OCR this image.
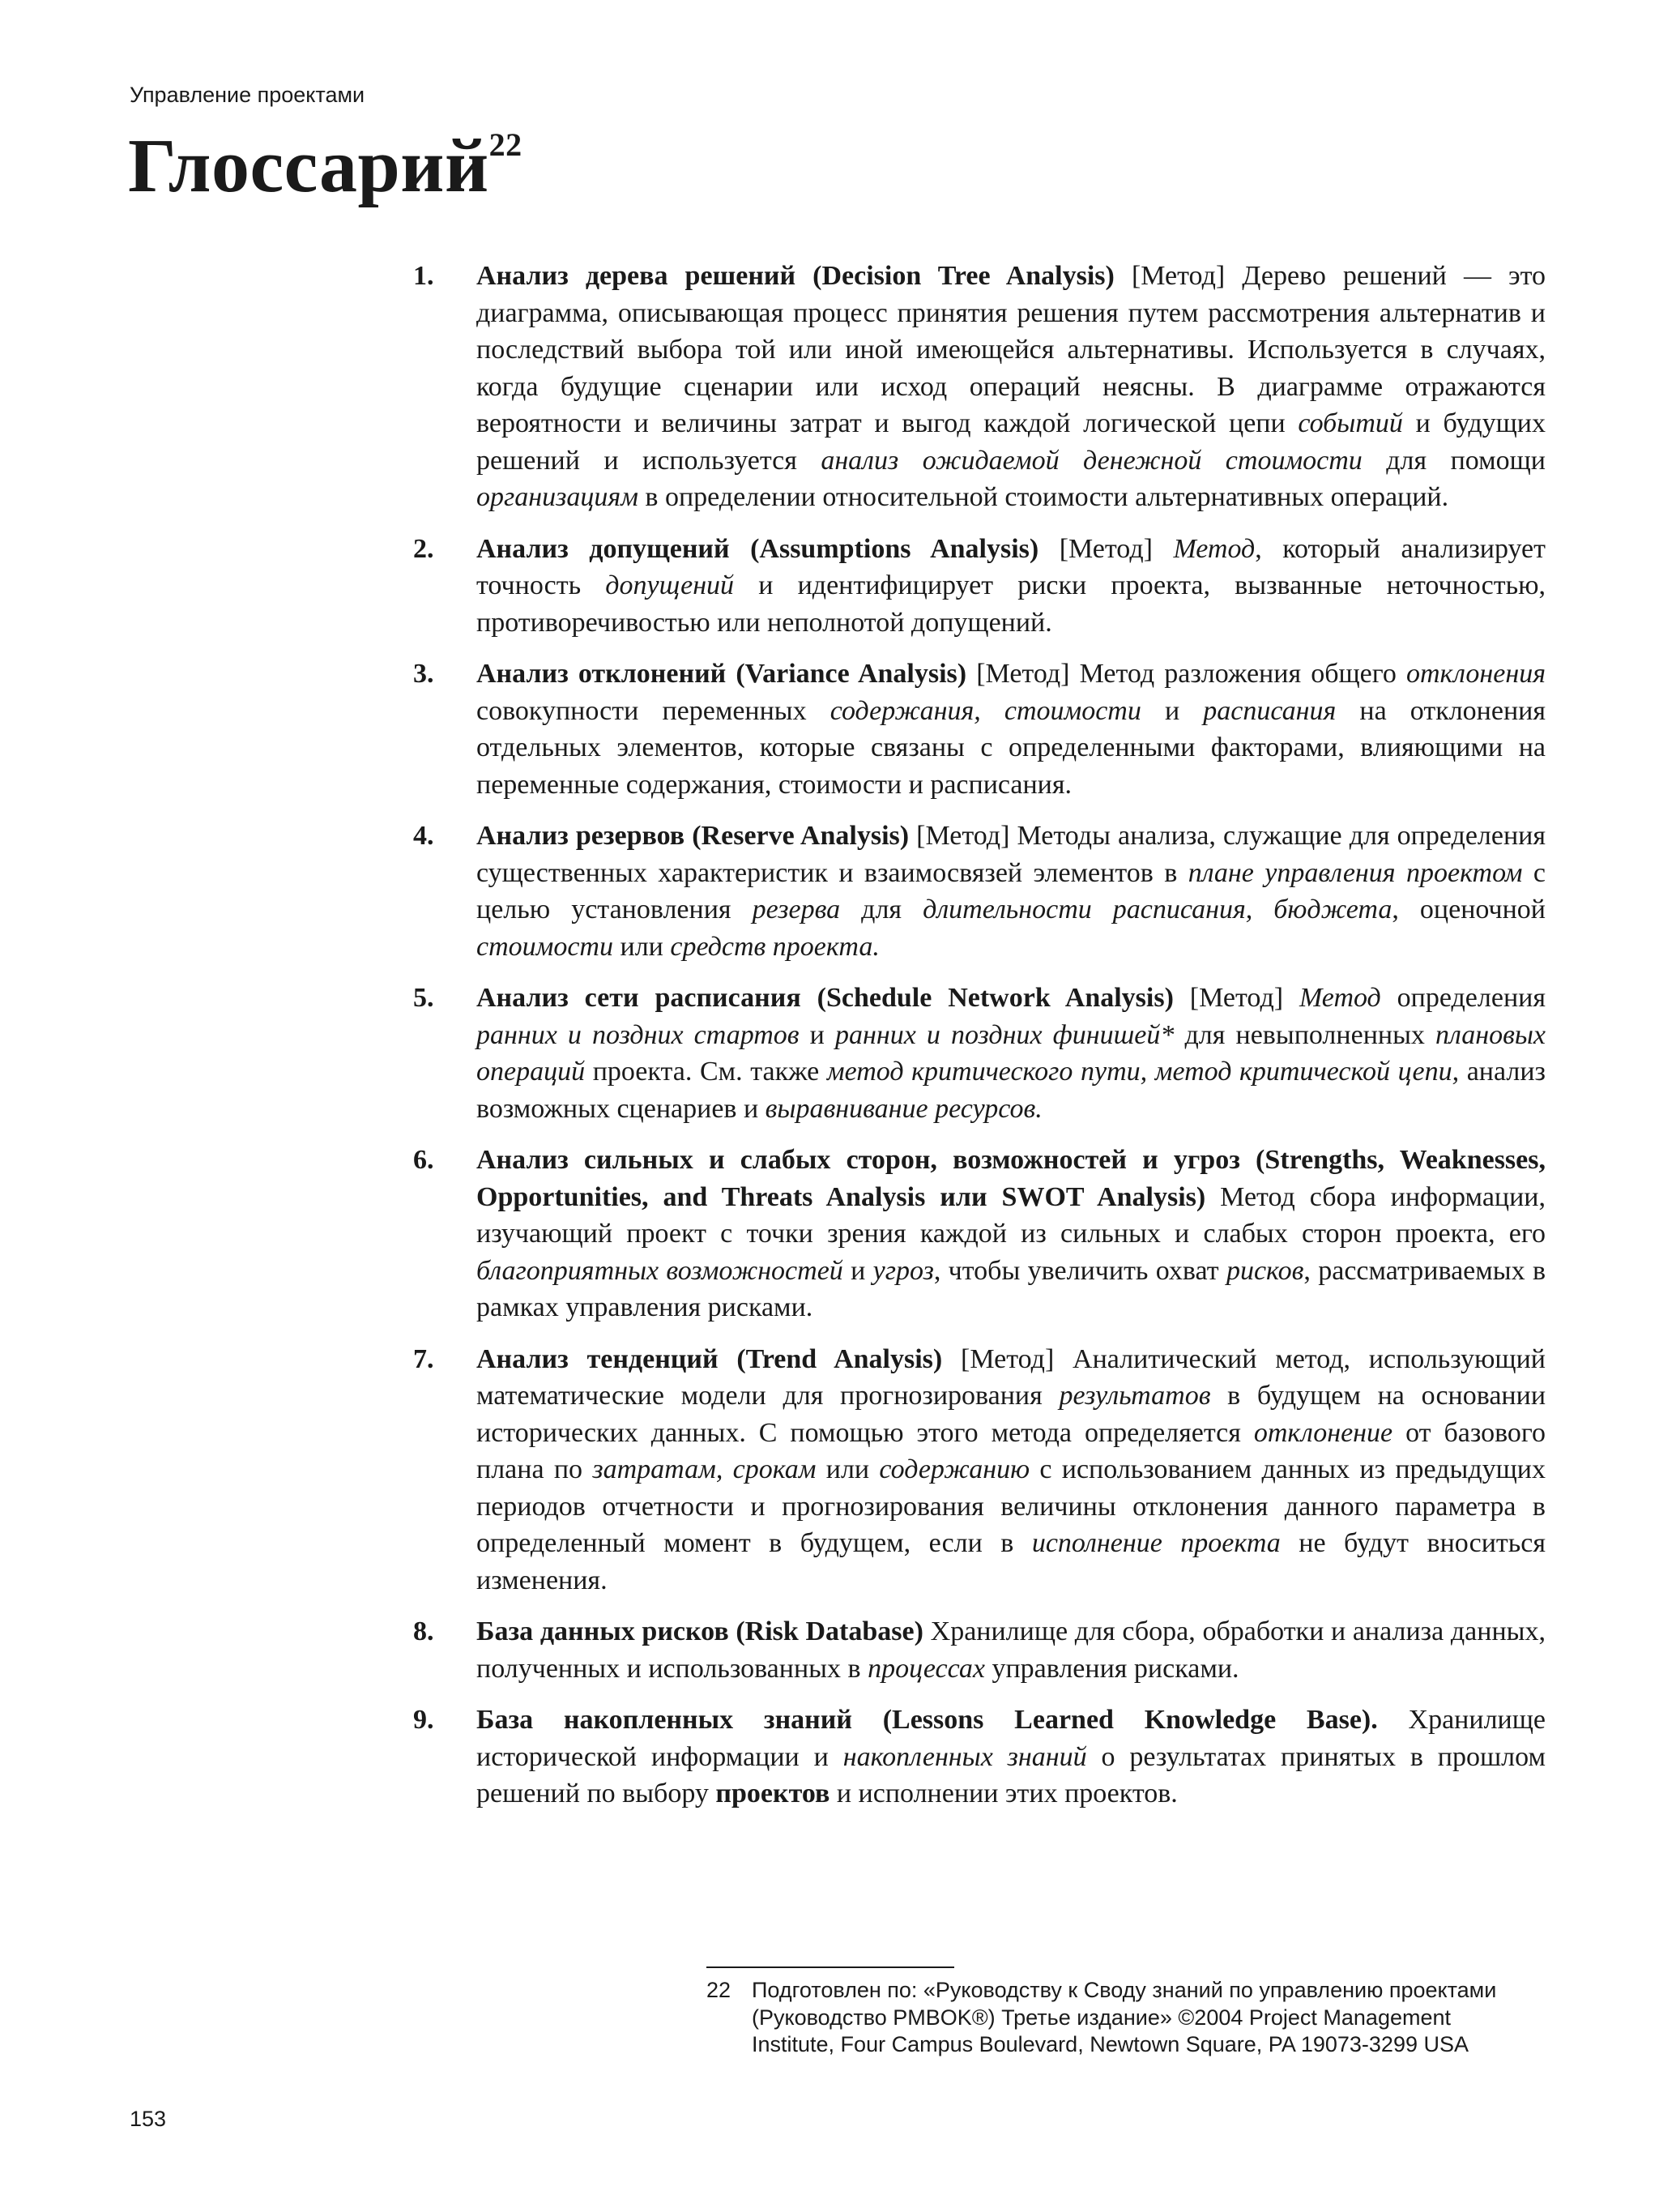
Управление проектами
Глоссарий$^{22}$
1. Анализ дерева решений (Decision Tree Analysis) [Метод] Дерево решений — это диаграмма, описывающая процесс принятия решения путем рассмотрения альтернатив и последствий выбора той или иной имеющейся альтернативы. Используется в случаях, когда будущие сценарии или исход операций неясны. В диаграмме отражаются вероятности и величины затрат и выгод каждой логической цепи событий и будущих решений и используется анализ ожидаемой денежной стоимости для помощи организациям в определении относительной стоимости альтернативных операций.
2. Анализ допущений (Assumptions Analysis) [Метод] Метод, который анализирует точность допущений и идентифицирует риски проекта, вызванные неточностью, противоречивостью или неполнотой допущений.
3. Анализ отклонений (Variance Analysis) [Метод] Метод разложения общего отклонения совокупности переменных содержания, стоимости и расписания на отклонения отдельных элементов, которые связаны с определенными факторами, влияющими на переменные содержания, стоимости и расписания.
4. Анализ резервов (Reserve Analysis) [Метод] Методы анализа, служащие для определения существенных характеристик и взаимосвязей элементов в плане управления проектом с целью установления резерва для длительности расписания, бюджета, оценочной стоимости или средств проекта.
5. Анализ сети расписания (Schedule Network Analysis) [Метод] Метод определения ранних и поздних стартов и ранних и поздних финишей* для невыполненных плановых операций проекта. См. также метод критического пути, метод критической цепи, анализ возможных сценариев и выравнивание ресурсов.
6. Анализ сильных и слабых сторон, возможностей и угроз (Strengths, Weaknesses, Opportunities, and Threats Analysis или SWOT Analysis) Метод сбора информации, изучающий проект с точки зрения каждой из сильных и слабых сторон проекта, его благоприятных возможностей и угроз, чтобы увеличить охват рисков, рассматриваемых в рамках управления рисками.
7. Анализ тенденций (Trend Analysis) [Метод] Аналитический метод, использующий математические модели для прогнозирования результатов в будущем на основании исторических данных. С помощью этого метода определяется отклонение от базового плана по затратам, срокам или содержанию с использованием данных из предыдущих периодов отчетности и прогнозирования величины отклонения данного параметра в определенный момент в будущем, если в исполнение проекта не будут вноситься изменения.
8. База данных рисков (Risk Database) Хранилище для сбора, обработки и анализа данных, полученных и использованных в процессах управления рисками.
9. База накопленных знаний (Lessons Learned Knowledge Base). Хранилище исторической информации и накопленных знаний о результатах принятых в прошлом решений по выбору проектов и исполнении этих проектов.
22 Подготовлен по: «Руководству к Своду знаний по управлению проектами (Руководство PMBOK®) Третье издание» ©2004 Project Management Institute, Four Campus Boulevard, Newtown Square, PA 19073-3299 USA
153
